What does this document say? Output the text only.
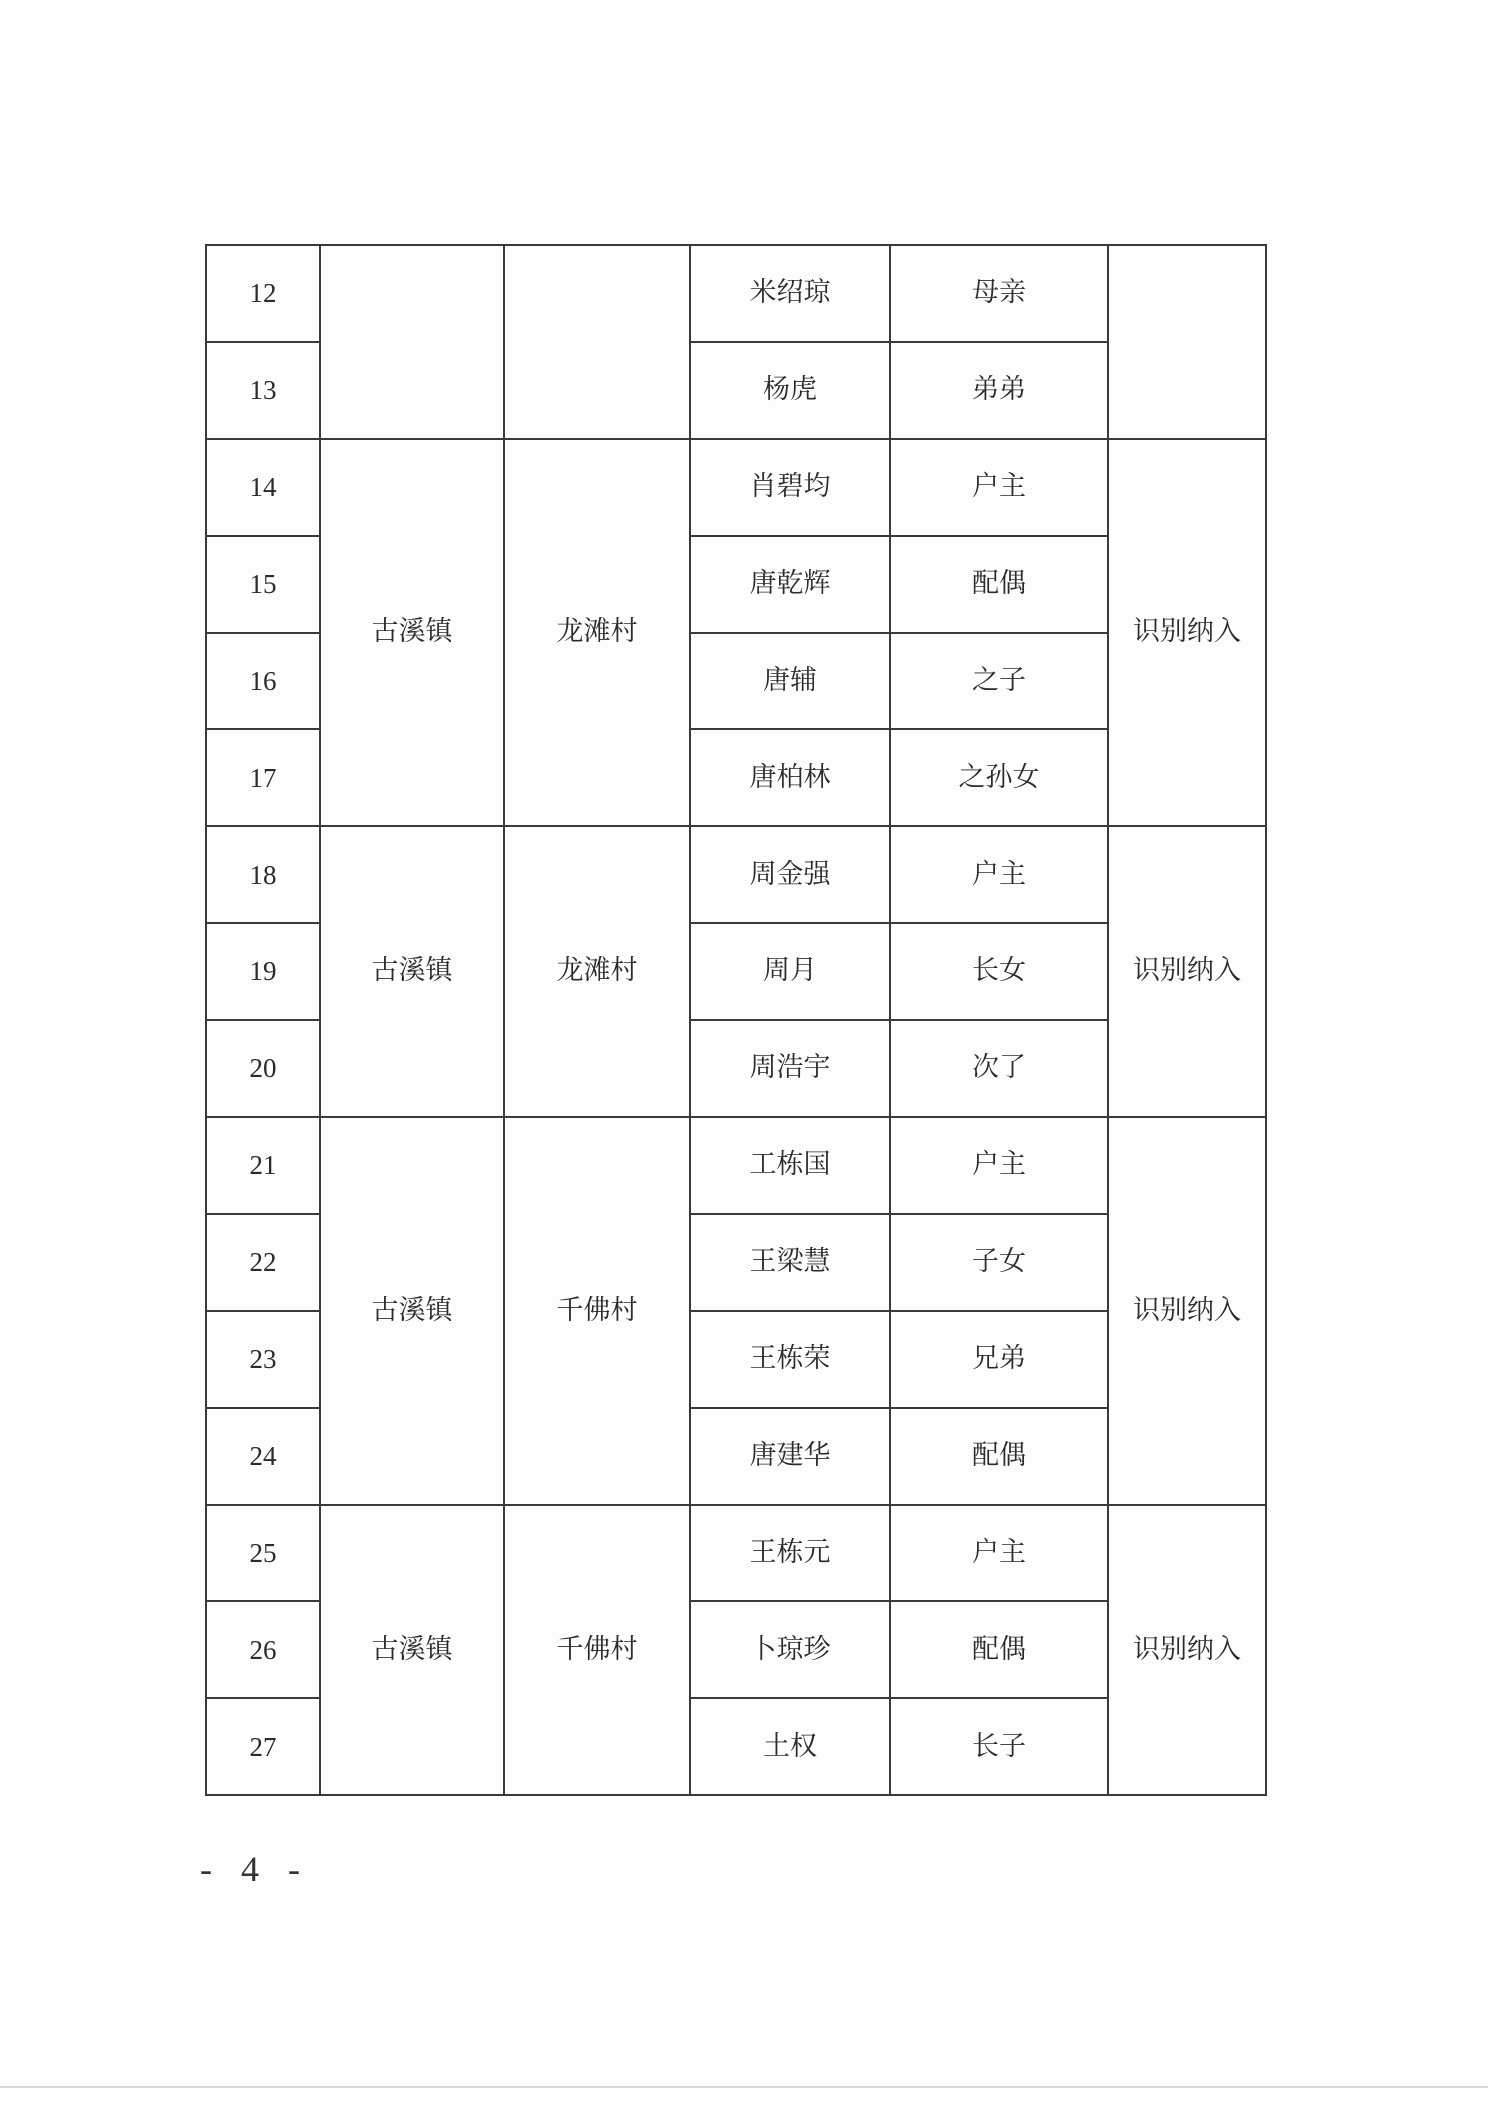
12			米绍琼	母亲	
13			杨虎	弟弟	
14	古溪镇	龙滩村	肖碧均	户主	识别纳入
15			唐乾辉	配偶	
16			唐辅	之子	
17			唐柏林	之孙女	
18	古溪镇	龙滩村	周金强	户主	识别纳入
19			周月	长女	
20			周浩宇	次了	
21	古溪镇	千佛村	工栋国	户主	识别纳入
22			王梁慧	子女	
23			王栋荣	兄弟	
24			唐建华	配偶	
25	古溪镇	千佛村	王栋元	户主	识别纳入
26			卜琼珍	配偶	
27			土权	长子	
- 4 -
